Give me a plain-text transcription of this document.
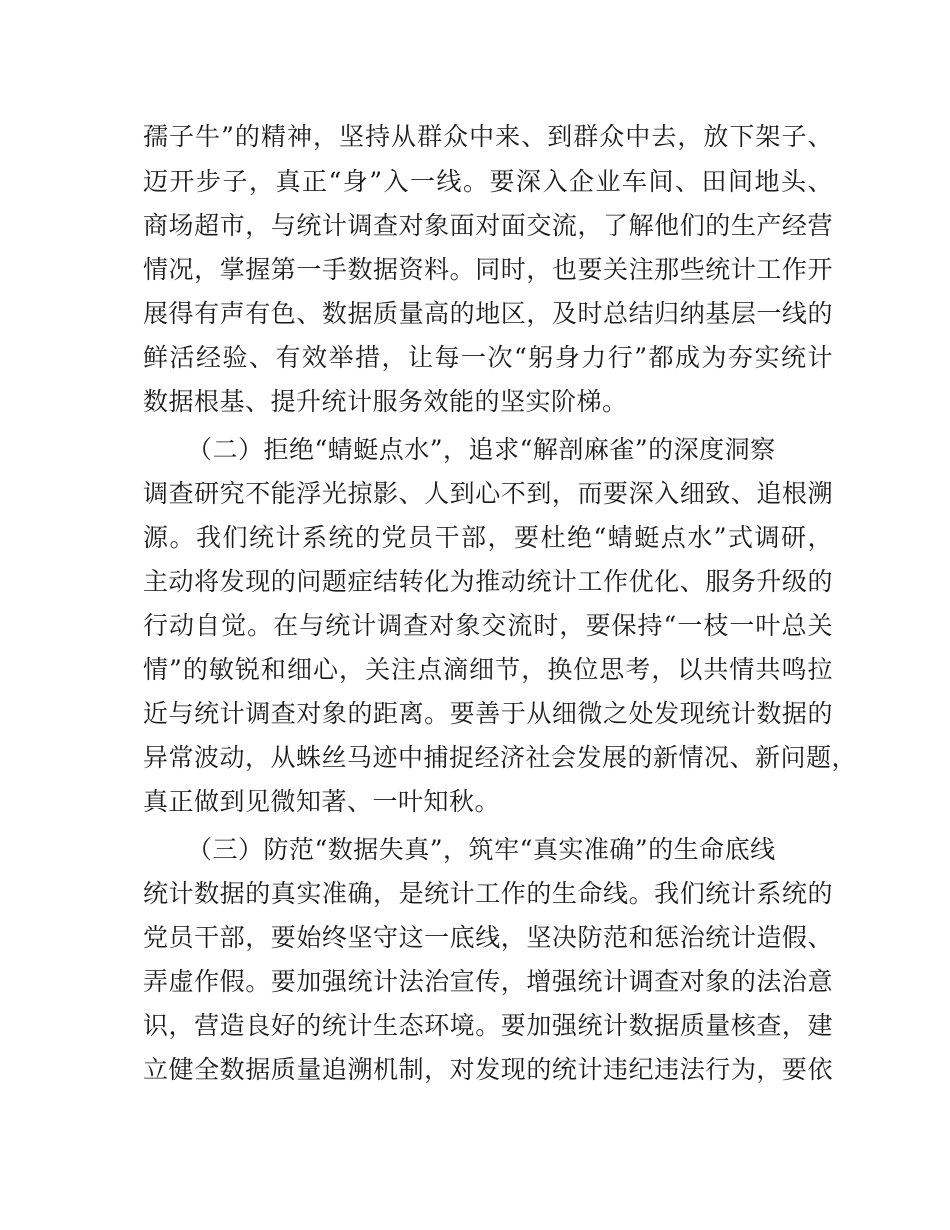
孺子牛”的精神，坚持从群众中来、到群众中去，放下架子、
迈开步子，真正“身”入一线。要深入企业车间、田间地头、
商场超市，与统计调查对象面对面交流，了解他们的生产经营
情况，掌握第一手数据资料。同时，也要关注那些统计工作开
展得有声有色、数据质量高的地区，及时总结归纳基层一线的
鲜活经验、有效举措，让每一次“躬身力行”都成为夯实统计
数据根基、提升统计服务效能的坚实阶梯。
（二）拒绝“蜻蜓点水”，追求“解剖麻雀”的深度洞察
调查研究不能浮光掠影、人到心不到，而要深入细致、追根溯
源。我们统计系统的党员干部，要杜绝“蜻蜓点水”式调研，
主动将发现的问题症结转化为推动统计工作优化、服务升级的
行动自觉。在与统计调查对象交流时，要保持“一枝一叶总关
情”的敏锐和细心，关注点滴细节，换位思考，以共情共鸣拉
近与统计调查对象的距离。要善于从细微之处发现统计数据的
异常波动，从蛛丝马迹中捕捉经济社会发展的新情况、新问题，
真正做到见微知著、一叶知秋。
（三）防范“数据失真”，筑牢“真实准确”的生命底线
统计数据的真实准确，是统计工作的生命线。我们统计系统的
党员干部，要始终坚守这一底线，坚决防范和惩治统计造假、
弄虚作假。要加强统计法治宣传，增强统计调查对象的法治意
识，营造良好的统计生态环境。要加强统计数据质量核查，建
立健全数据质量追溯机制，对发现的统计违纪违法行为，要依
